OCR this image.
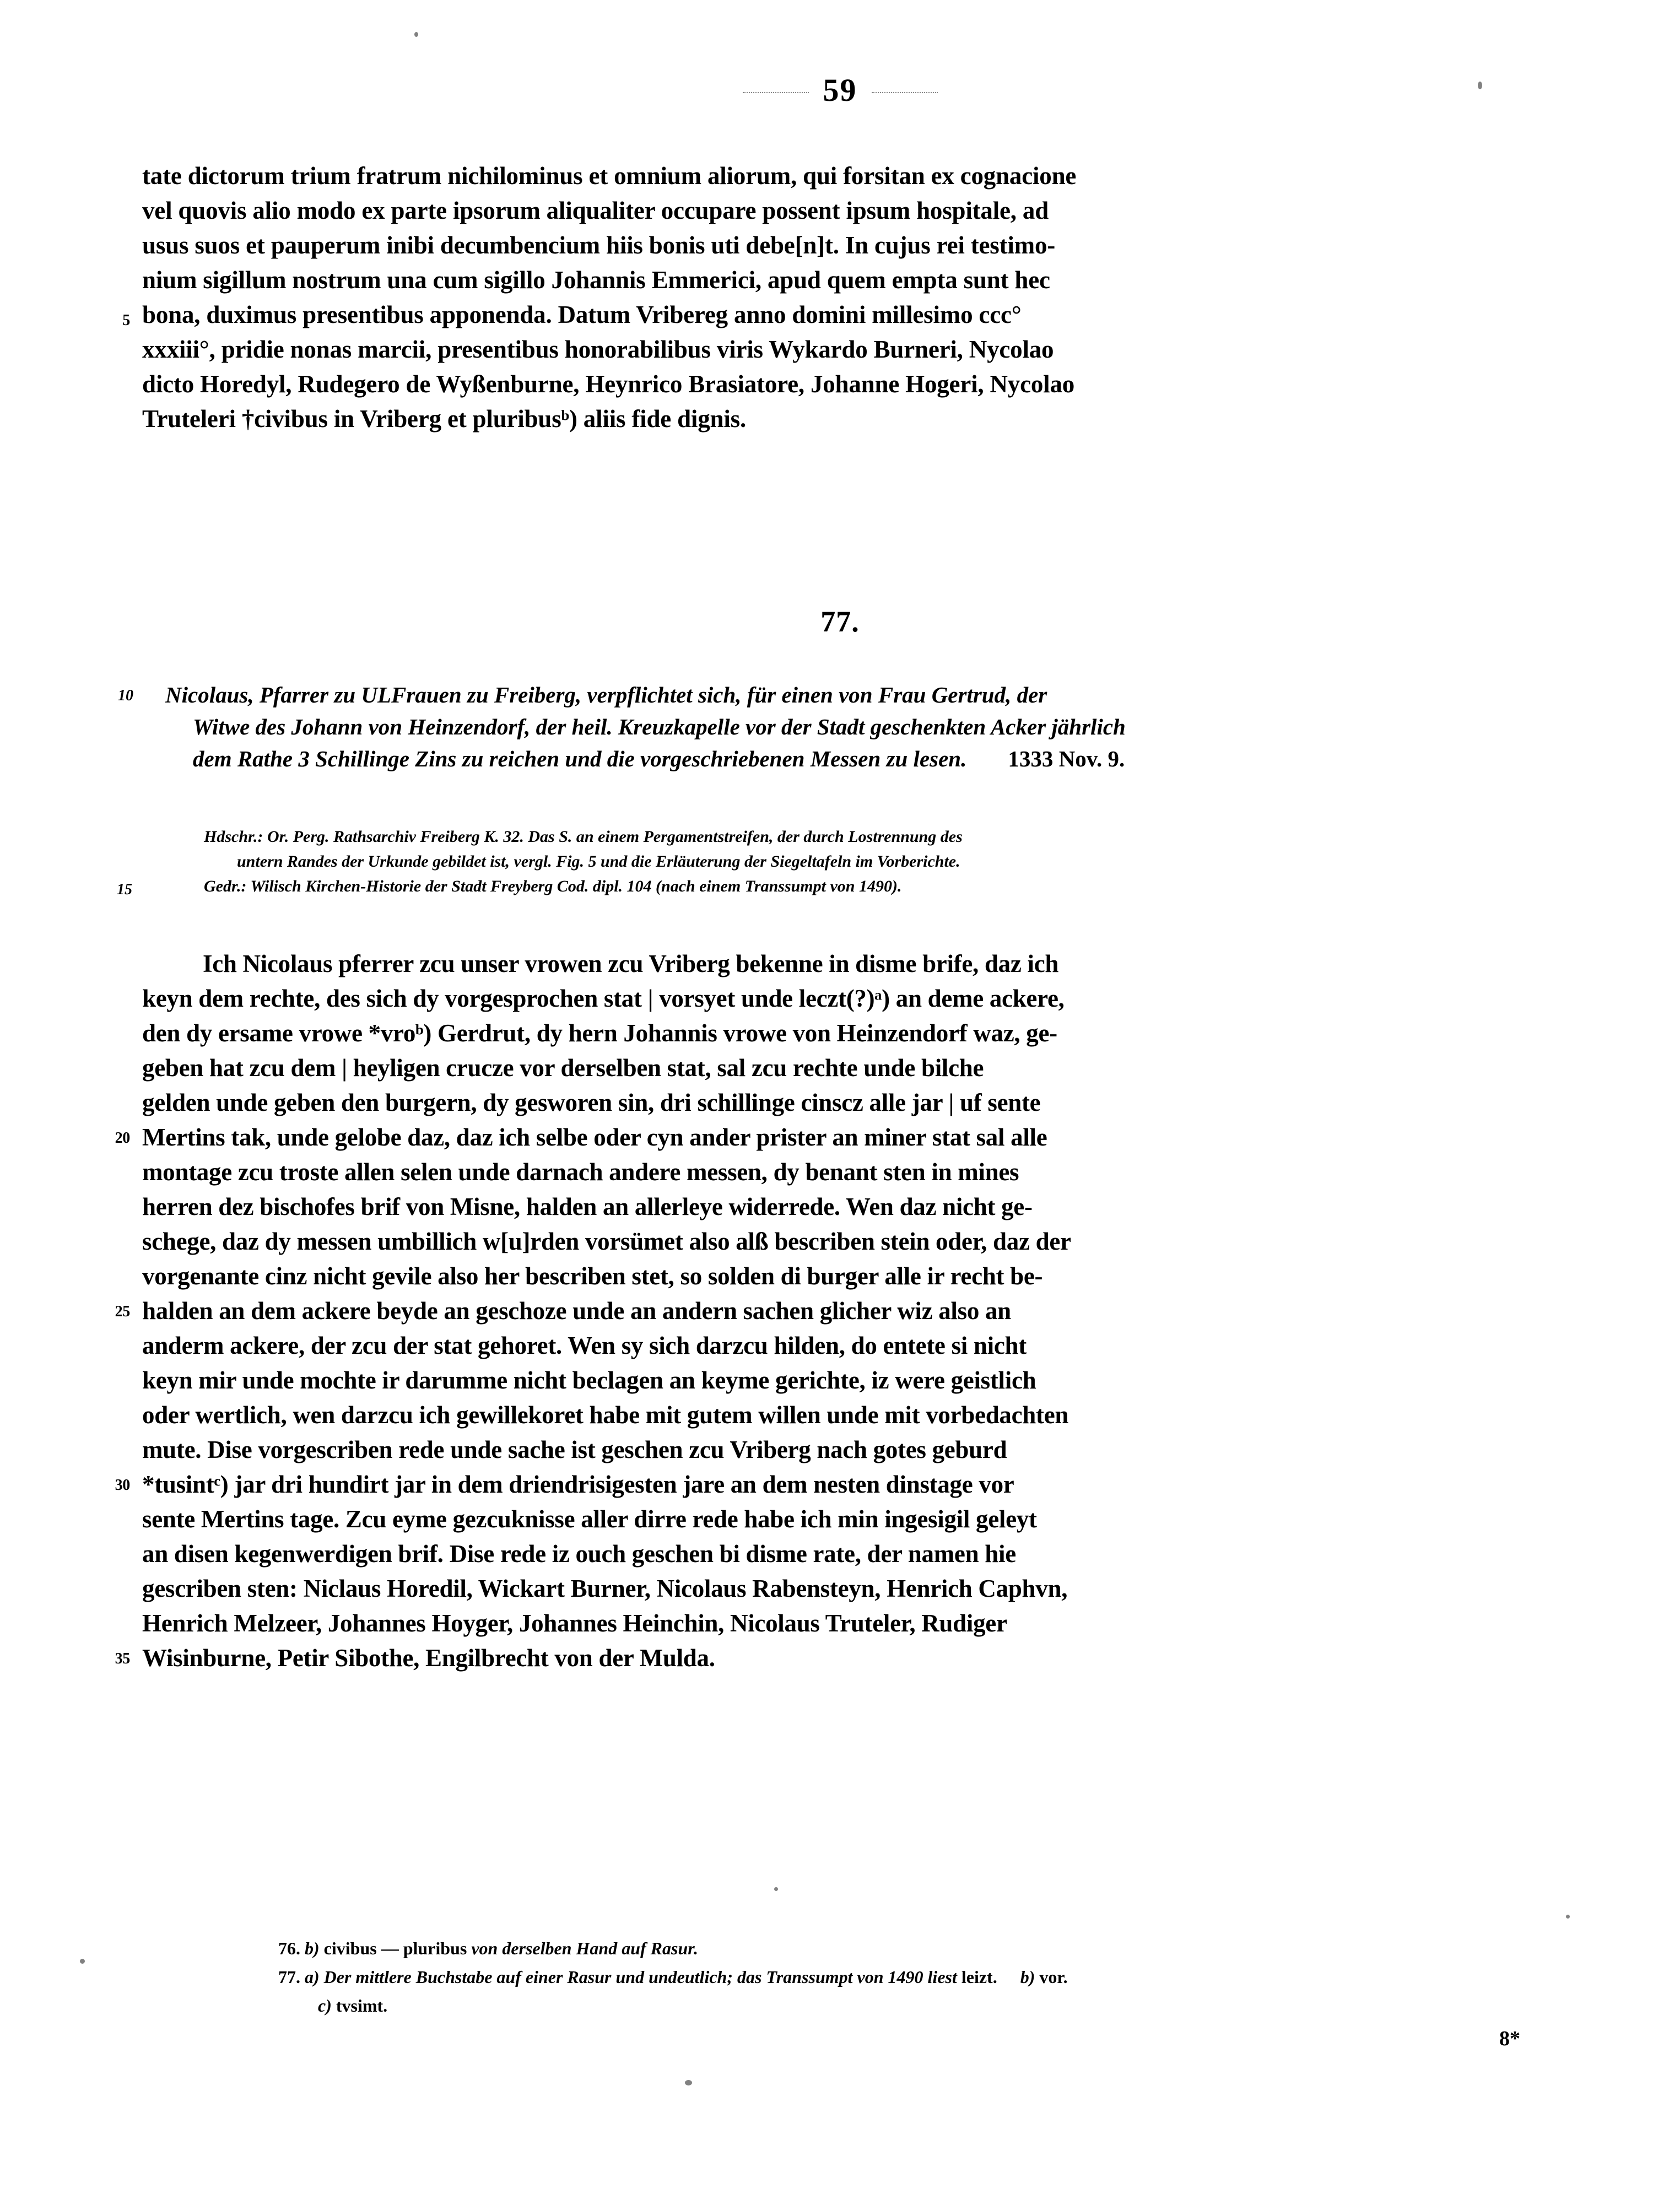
59
5
tate dictorum trium fratrum nichilominus et omnium aliorum, qui forsitan ex cognacione
vel quovis alio modo ex parte ipsorum aliqualiter occupare possent ipsum hospitale, ad
usus suos et pauperum inibi decumbencium hiis bonis uti debe[n]t. In cujus rei testimo-
nium sigillum nostrum una cum sigillo Johannis Emmerici, apud quem empta sunt hec
bona, duximus presentibus apponenda. Datum Vribereg anno domini millesimo ccc°
xxxiii°, pridie nonas marcii, presentibus honorabilibus viris Wykardo Burneri, Nycolao
dicto Horedyl, Rudegero de Wyßenburne, Heynrico Brasiatore, Johanne Hogeri, Nycolao
Truteleri †civibus in Vriberg et pluribusᵇ) aliis fide dignis.
77.
10 Nicolaus, Pfarrer zu ULFrauen zu Freiberg, verpflichtet sich, für einen von Frau Gertrud, der
Witwe des Johann von Heinzendorf, der heil. Kreuzkapelle vor der Stadt geschenkten Acker jährlich
dem Rathe 3 Schillinge Zins zu reichen und die vorgeschriebenen Messen zu lesen. 1333 Nov. 9.
15
Hdschr.: Or. Perg. Rathsarchiv Freiberg K. 32. Das S. an einem Pergamentstreifen, der durch Lostrennung des
untern Randes der Urkunde gebildet ist, vergl. Fig. 5 und die Erläuterung der Siegeltafeln im Vorberichte.
Gedr.: Wilisch Kirchen-Historie der Stadt Freyberg Cod. dipl. 104 (nach einem Transsumpt von 1490).
20
25
30
35
Ich Nicolaus pferrer zcu unser vrowen zcu Vriberg bekenne in disme brife, daz ich
keyn dem rechte, des sich dy vorgesprochen stat | vorsyet unde leczt(?)ᵃ) an deme ackere,
den dy ersame vrowe *vroᵇ) Gerdrut, dy hern Johannis vrowe von Heinzendorf waz, ge-
geben hat zcu dem | heyligen crucze vor derselben stat, sal zcu rechte unde bilche
gelden unde geben den burgern, dy gesworen sin, dri schillinge cinscz alle jar | uf sente
Mertins tak, unde gelobe daz, daz ich selbe oder cyn ander prister an miner stat sal alle
montage zcu troste allen selen unde darnach andere messen, dy benant sten in mines
herren dez bischofes brif von Misne, halden an allerleye widerrede. Wen daz nicht ge-
schege, daz dy messen umbillich w[u]rden vorsümet also alß bescriben stein oder, daz der
vorgenante cinz nicht gevile also her bescriben stet, so solden di burger alle ir recht be-
halden an dem ackere beyde an geschoze unde an andern sachen glicher wiz also an
anderm ackere, der zcu der stat gehoret. Wen sy sich darzcu hilden, do entete si nicht
keyn mir unde mochte ir darumme nicht beclagen an keyme gerichte, iz were geistlich
oder wertlich, wen darzcu ich gewillekoret habe mit gutem willen unde mit vorbedachten
mute. Dise vorgescriben rede unde sache ist geschen zcu Vriberg nach gotes geburd
*tusintᶜ) jar dri hundirt jar in dem driendrisigesten jare an dem nesten dinstage vor
sente Mertins tage. Zcu eyme gezcuknisse aller dirre rede habe ich min ingesigil geleyt
an disen kegenwerdigen brif. Dise rede iz ouch geschen bi disme rate, der namen hie
gescriben sten: Niclaus Horedil, Wickart Burner, Nicolaus Rabensteyn, Henrich Caphvn,
Henrich Melzeer, Johannes Hoyger, Johannes Heinchin, Nicolaus Truteler, Rudiger
Wisinburne, Petir Sibothe, Engilbrecht von der Mulda.
76. b) civibus — pluribus von derselben Hand auf Rasur.
77. a) Der mittlere Buchstabe auf einer Rasur und undeutlich; das Transsumpt von 1490 liest leizt. b) vor.
c) tvsimt.
8*
